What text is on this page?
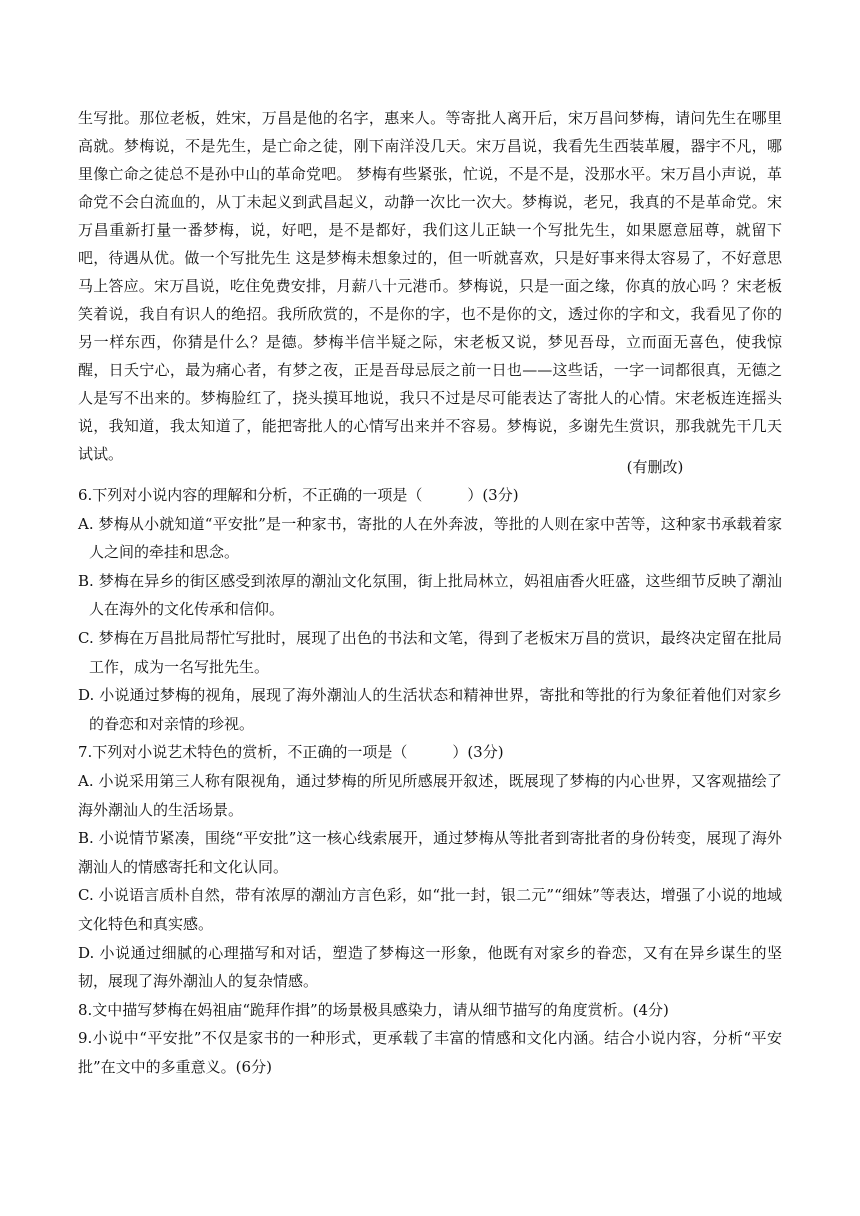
生写批。那位老板，姓宋，万昌是他的名字，惠来人。等寄批人离开后，宋万昌问梦梅，请问先生在哪里高就。梦梅说，不是先生，是亡命之徒，刚下南洋没几天。宋万昌说，我看先生西装革履，器宇不凡，哪里像亡命之徒总不是孙中山的革命党吧。 梦梅有些紧张，忙说，不是不是，没那水平。宋万昌小声说，革命党不会白流血的，从丁未起义到武昌起义，动静一次比一次大。梦梅说，老兄，我真的不是革命党。宋万昌重新打量一番梦梅，说，好吧，是不是都好，我们这儿正缺一个写批先生，如果愿意屈尊，就留下吧，待遇从优。做一个写批先生 这是梦梅未想象过的，但一听就喜欢，只是好事来得太容易了，不好意思马上答应。宋万昌说，吃住免费安排，月薪八十元港币。梦梅说，只是一面之缘，你真的放心吗 ？宋老板笑着说，我自有识人的绝招。我所欣赏的，不是你的字，也不是你的文，透过你的字和文，我看见了你的另一样东西，你猜是什么？是德。梦梅半信半疑之际，宋老板又说，梦见吾母，立而面无喜色，使我惊醒，日夭宁心，最为痛心者，有梦之夜，正是吾母忌辰之前一日也——这些话，一字一词都很真，无德之人是写不出来的。梦梅脸红了，挠头摸耳地说，我只不过是尽可能表达了寄批人的心情。宋老板连连摇头说，我知道，我太知道了，能把寄批人的心情写出来并不容易。梦梅说，多谢先生赏识，那我就先干几天试试。

(有删改)

6.下列对小说内容的理解和分析，不正确的一项是（　　　）(3分)

A. 梦梅从小就知道“平安批”是一种家书，寄批的人在外奔波，等批的人则在家中苦等，这种家书承载着家人之间的牵挂和思念。

B. 梦梅在异乡的街区感受到浓厚的潮汕文化氛围，街上批局林立，妈祖庙香火旺盛，这些细节反映了潮汕人在海外的文化传承和信仰。

C. 梦梅在万昌批局帮忙写批时，展现了出色的书法和文笔，得到了老板宋万昌的赏识，最终决定留在批局工作，成为一名写批先生。

D. 小说通过梦梅的视角，展现了海外潮汕人的生活状态和精神世界，寄批和等批的行为象征着他们对家乡的眷恋和对亲情的珍视。

7.下列对小说艺术特色的赏析，不正确的一项是（　　　）(3分)

A. 小说采用第三人称有限视角，通过梦梅的所见所感展开叙述，既展现了梦梅的内心世界，又客观描绘了海外潮汕人的生活场景。

B. 小说情节紧凑，围绕“平安批”这一核心线索展开，通过梦梅从等批者到寄批者的身份转变，展现了海外潮汕人的情感寄托和文化认同。

C. 小说语言质朴自然，带有浓厚的潮汕方言色彩，如“批一封，银二元”“细妹”等表达，增强了小说的地域文化特色和真实感。

D. 小说通过细腻的心理描写和对话，塑造了梦梅这一形象，他既有对家乡的眷恋，又有在异乡谋生的坚韧，展现了海外潮汕人的复杂情感。

8.文中描写梦梅在妈祖庙“跪拜作揖”的场景极具感染力，请从细节描写的角度赏析。(4分)

9.小说中“平安批”不仅是家书的一种形式，更承载了丰富的情感和文化内涵。结合小说内容，分析“平安批”在文中的多重意义。(6分)
